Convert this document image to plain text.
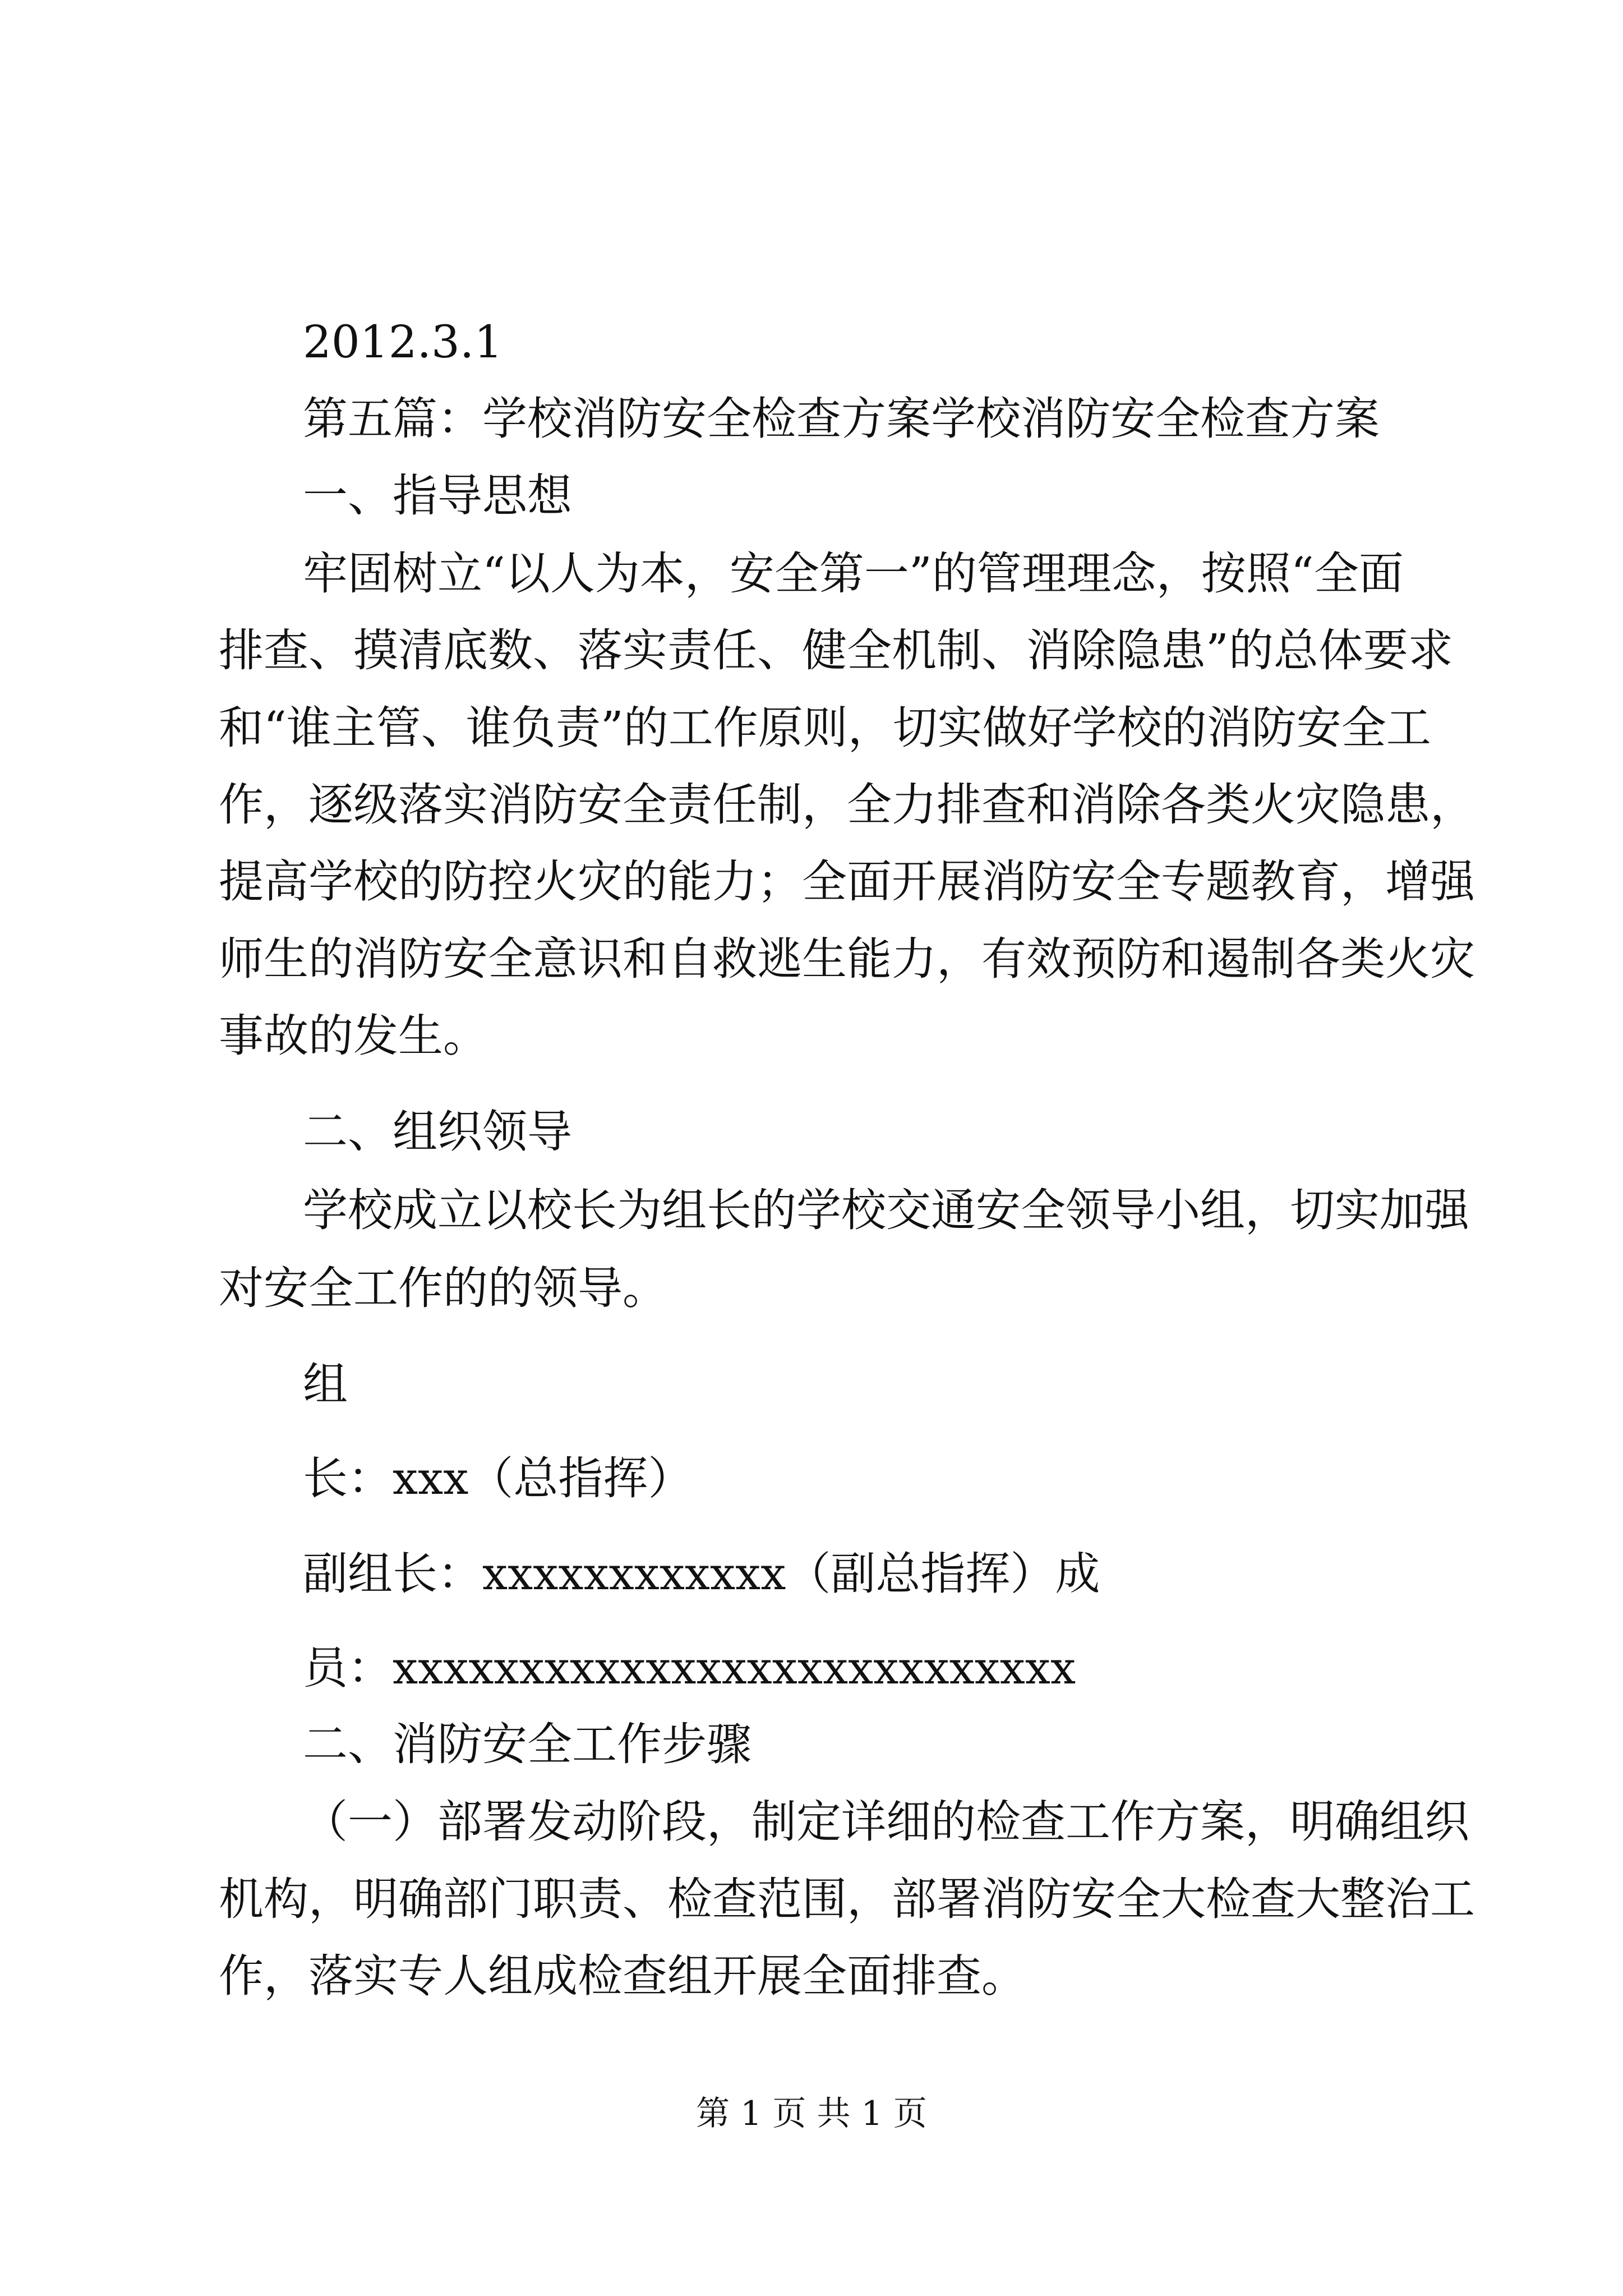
2012.3.1
第五篇：学校消防安全检查方案学校消防安全检查方案
一、指导思想
牢固树立“以人为本，安全第一”的管理理念，按照“全面
排查、摸清底数、落实责任、健全机制、消除隐患”的总体要求
和“谁主管、谁负责”的工作原则，切实做好学校的消防安全工
作，逐级落实消防安全责任制，全力排查和消除各类火灾隐患，
提高学校的防控火灾的能力；全面开展消防安全专题教育，增强
师生的消防安全意识和自救逃生能力，有效预防和遏制各类火灾
事故的发生。
二、组织领导
学校成立以校长为组长的学校交通安全领导小组，切实加强
对安全工作的的领导。
组
长：xxx（总指挥）
副组长：xxxxxxxxxxxx（副总指挥）成
员：xxxxxxxxxxxxxxxxxxxxxxxxxxx
二、消防安全工作步骤
（一）部署发动阶段，制定详细的检查工作方案，明确组织
机构，明确部门职责、检查范围，部署消防安全大检查大整治工
作，落实专人组成检查组开展全面排查。
第 1 页 共 1 页
